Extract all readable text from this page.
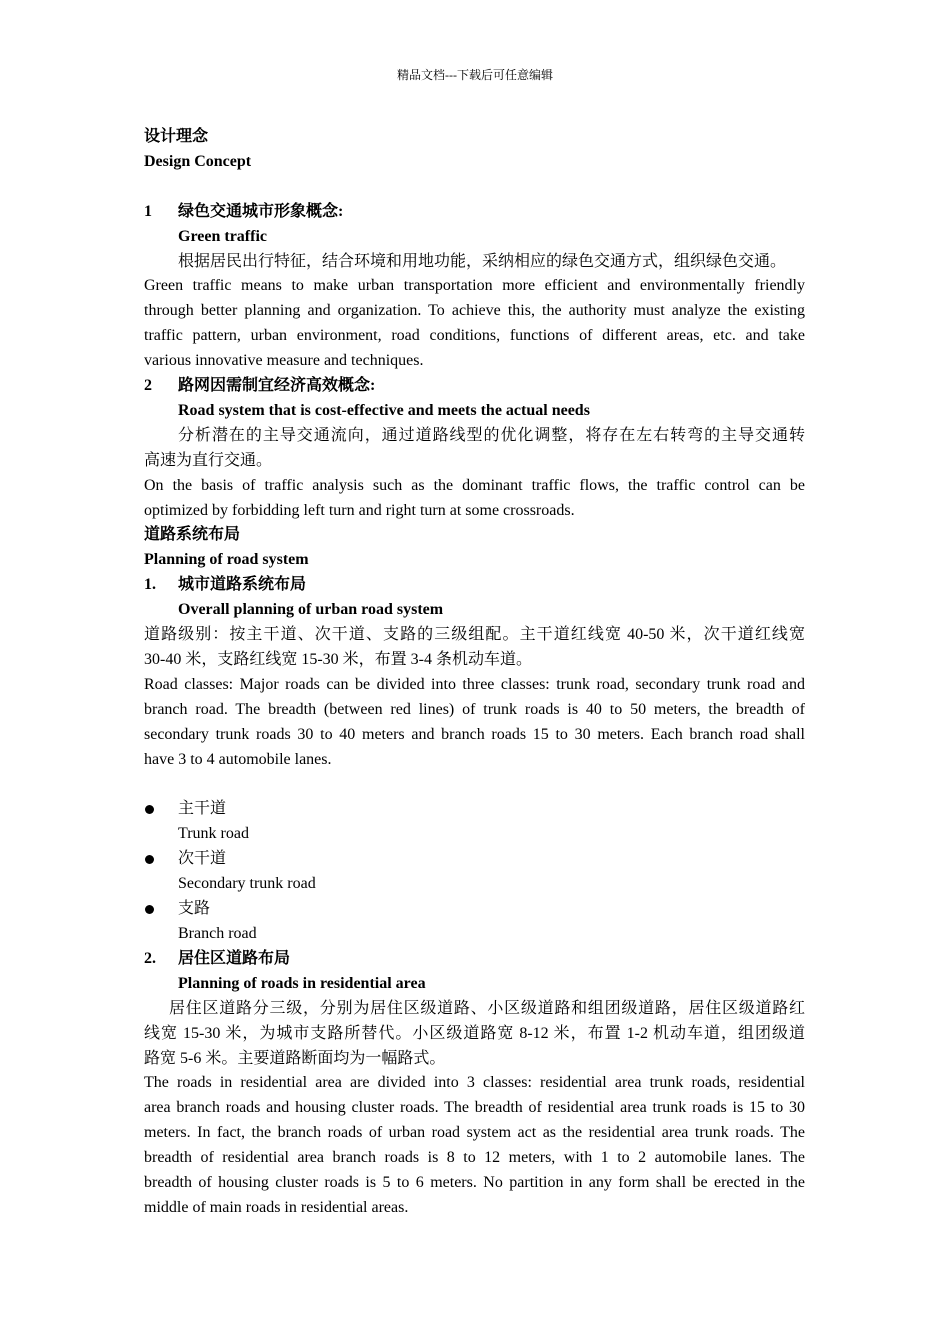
精品文档---下载后可任意编辑

设计理念

Design Concept

1 绿色交通城市形象概念:

Green traffic

根据居民出行特征，结合环境和用地功能，采纳相应的绿色交通方式，组织绿色交通。

Green traffic means to make urban transportation more efficient and environmentally friendly

through better planning and organization. To achieve this, the authority must analyze the existing

traffic pattern, urban environment, road conditions, functions of different areas, etc. and take

various innovative measure and techniques.

2 路网因需制宜经济高效概念:

Road system that is cost-effective and meets the actual needs

分析潜在的主导交通流向，通过道路线型的优化调整，将存在左右转弯的主导交通转

高速为直行交通。

On the basis of traffic analysis such as the dominant traffic flows, the traffic control can be

optimized by forbidding left turn and right turn at some crossroads.

道路系统布局

Planning of road system

1. 城市道路系统布局

Overall planning of urban road system

道路级别：按主干道、次干道、支路的三级组配。主干道红线宽 40-50 米，次干道红线宽

30-40 米，支路红线宽 15-30 米，布置 3-4 条机动车道。

Road classes: Major roads can be divided into three classes: trunk road, secondary trunk road and

branch road. The breadth (between red lines) of trunk roads is 40 to 50 meters, the breadth of

secondary trunk roads 30 to 40 meters and branch roads 15 to 30 meters. Each branch road shall

have 3 to 4 automobile lanes.

主干道

Trunk road

次干道

Secondary trunk road

支路

Branch road

2. 居住区道路布局

Planning of roads in residential area

居住区道路分三级，分别为居住区级道路、小区级道路和组团级道路，居住区级道路红

线宽 15-30 米，为城市支路所替代。小区级道路宽 8-12 米，布置 1-2 机动车道，组团级道

路宽 5-6 米。主要道路断面均为一幅路式。

The roads in residential area are divided into 3 classes: residential area trunk roads, residential

area branch roads and housing cluster roads. The breadth of residential area trunk roads is 15 to 30

meters. In fact, the branch roads of urban road system act as the residential area trunk roads. The

breadth of residential area branch roads is 8 to 12 meters, with 1 to 2 automobile lanes. The

breadth of housing cluster roads is 5 to 6 meters. No partition in any form shall be erected in the

middle of main roads in residential areas.
